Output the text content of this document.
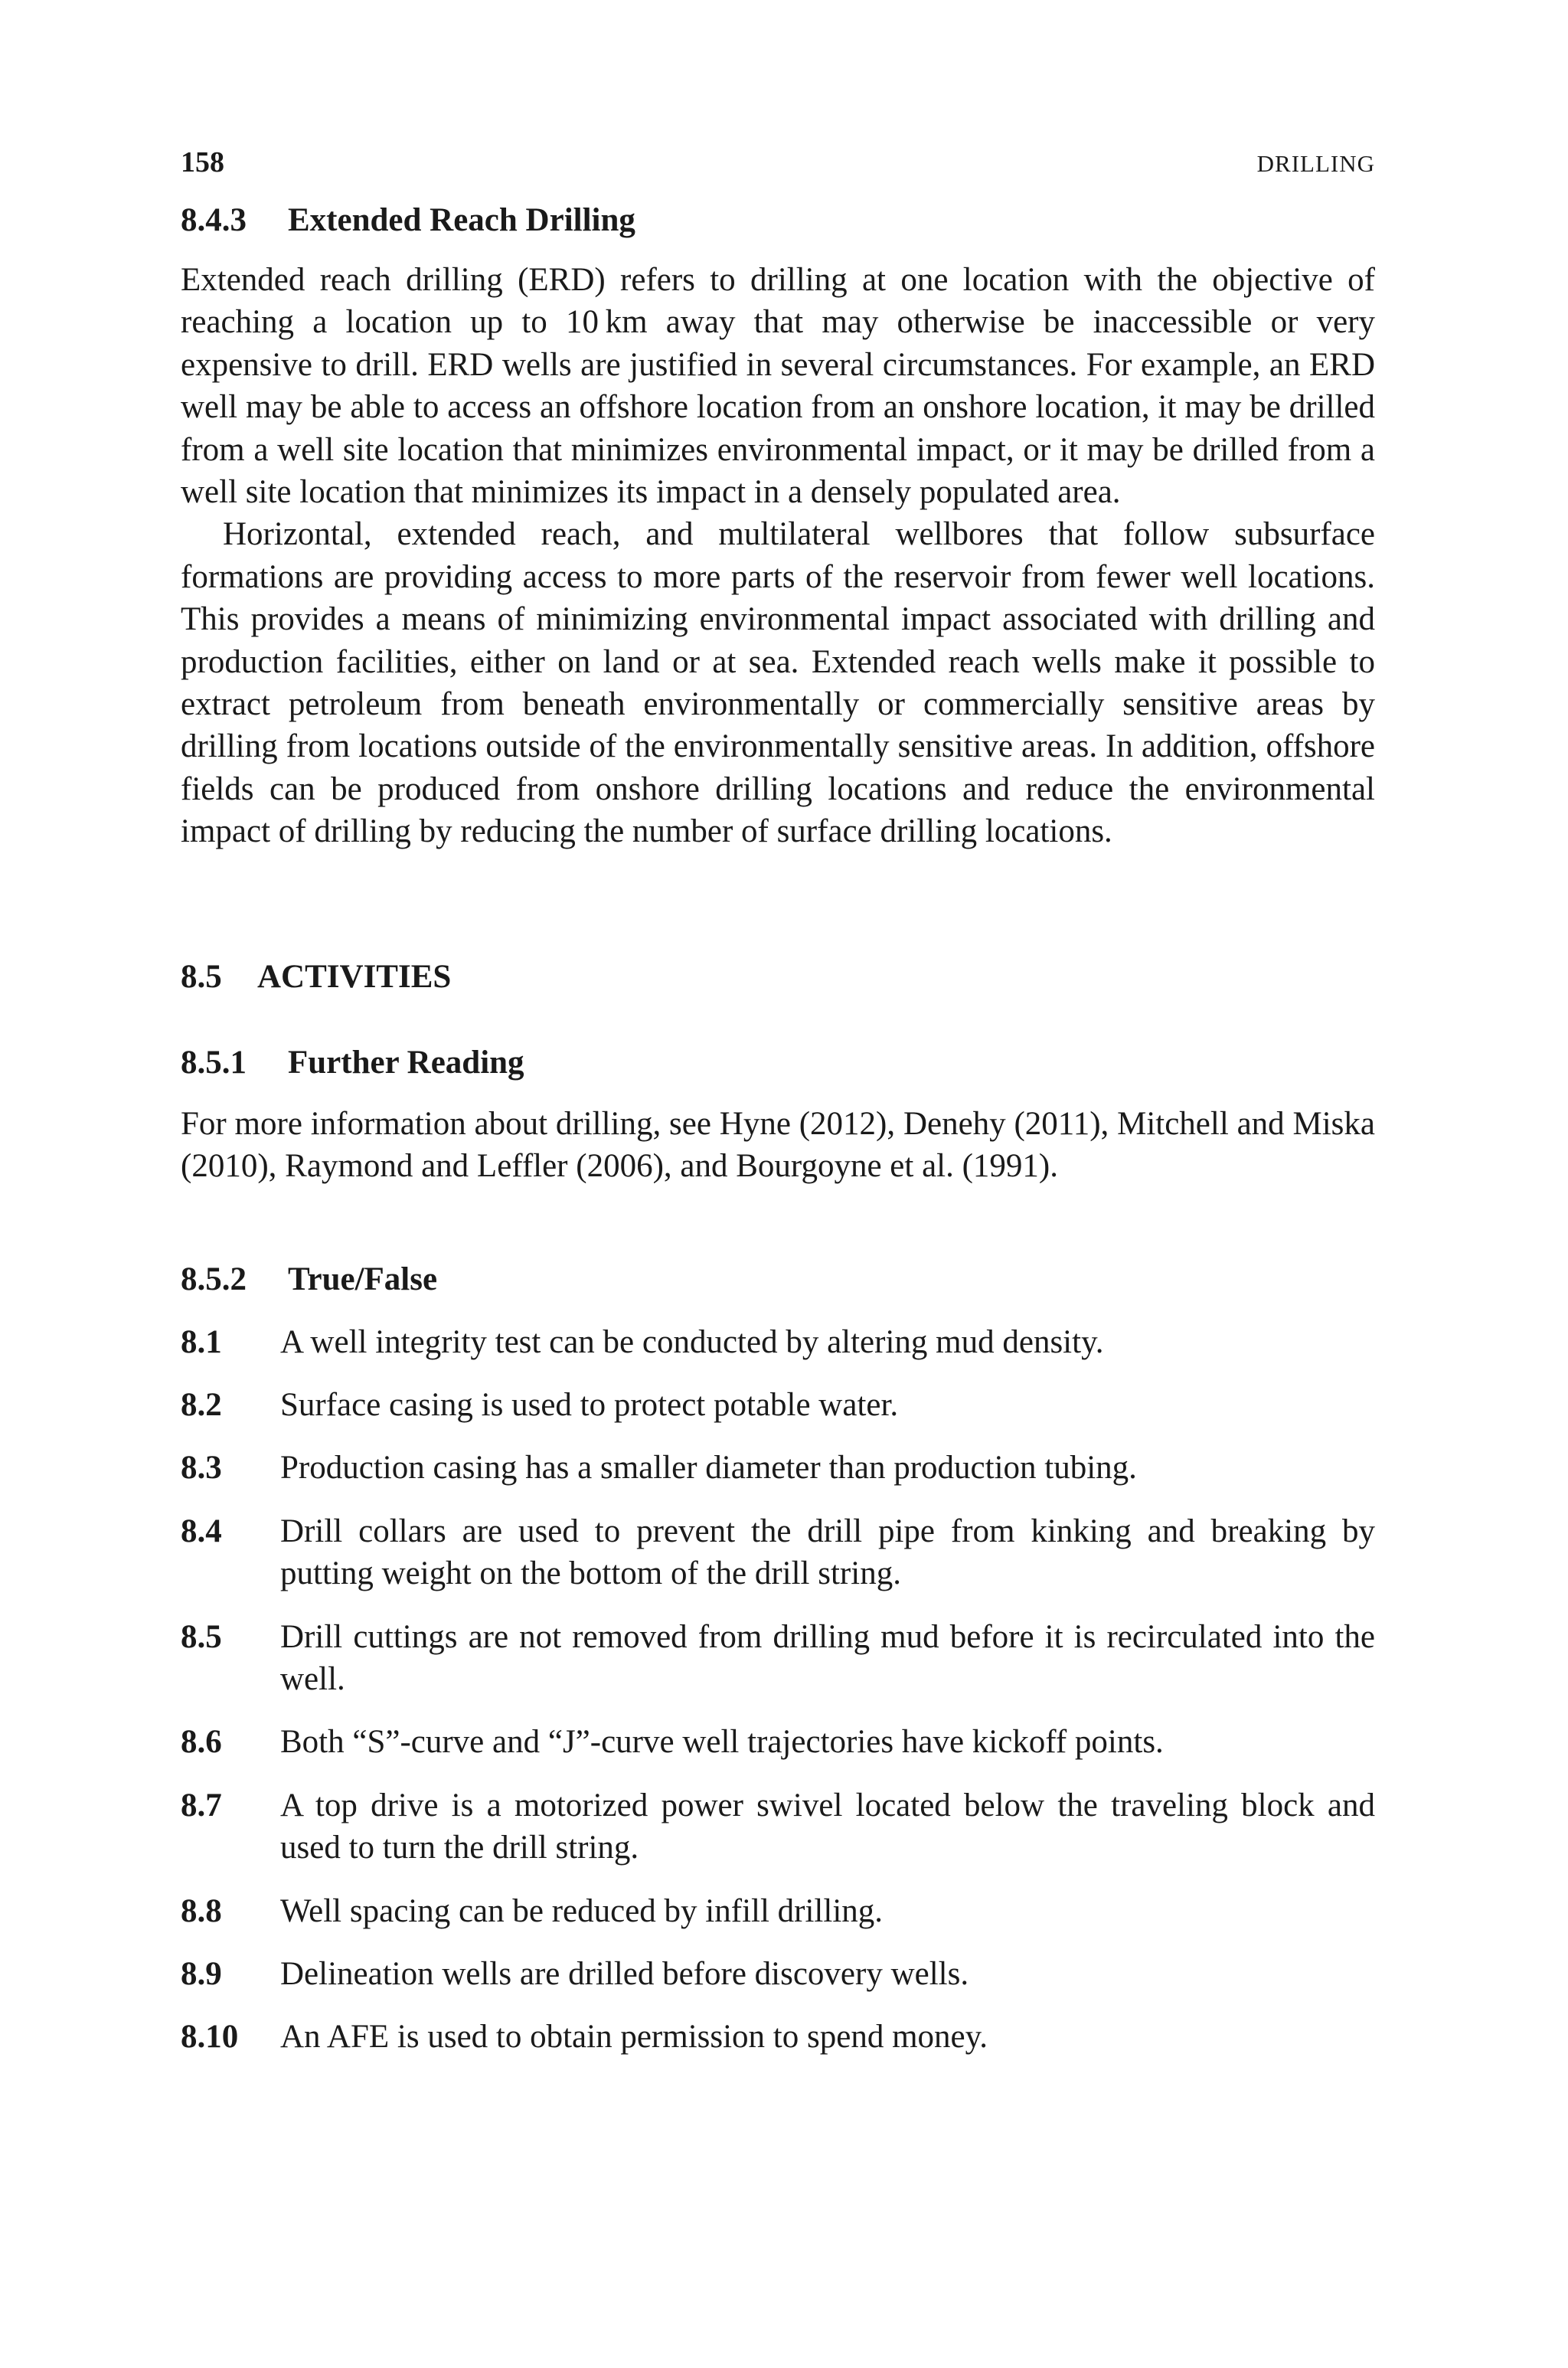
158	DRILLING
8.4.3 Extended Reach Drilling

Extended reach drilling (ERD) refers to drilling at one location with the objective of reaching a location up to 10 km away that may otherwise be inaccessible or very expensive to drill. ERD wells are justified in several circumstances. For example, an ERD well may be able to access an offshore location from an onshore location, it may be drilled from a well site location that minimizes environmental impact, or it may be drilled from a well site location that minimizes its impact in a densely populated area.

Horizontal, extended reach, and multilateral wellbores that follow subsurface formations are providing access to more parts of the reservoir from fewer well locations. This provides a means of minimizing environmental impact associated with drilling and production facilities, either on land or at sea. Extended reach wells make it possible to extract petroleum from beneath environmentally or commercially sensitive areas by drilling from locations outside of the environmentally sensitive areas. In addition, offshore fields can be produced from onshore drilling locations and reduce the environmental impact of drilling by reducing the number of surface drilling locations.

8.5 ACTIVITIES
8.5.1 Further Reading

For more information about drilling, see Hyne (2012), Denehy (2011), Mitchell and Miska (2010), Raymond and Leffler (2006), and Bourgoyne et al. (1991).

8.5.2 True/False
8.1	A well integrity test can be conducted by altering mud density.
8.2	Surface casing is used to protect potable water.
8.3	Production casing has a smaller diameter than production tubing.
8.4	Drill collars are used to prevent the drill pipe from kinking and breaking by putting weight on the bottom of the drill string.
8.5	Drill cuttings are not removed from drilling mud before it is recirculated into the well.
8.6	Both “S”-curve and “J”-curve well trajectories have kickoff points.
8.7	A top drive is a motorized power swivel located below the traveling block and used to turn the drill string.
8.8	Well spacing can be reduced by infill drilling.
8.9	Delineation wells are drilled before discovery wells.
8.10	An AFE is used to obtain permission to spend money.
